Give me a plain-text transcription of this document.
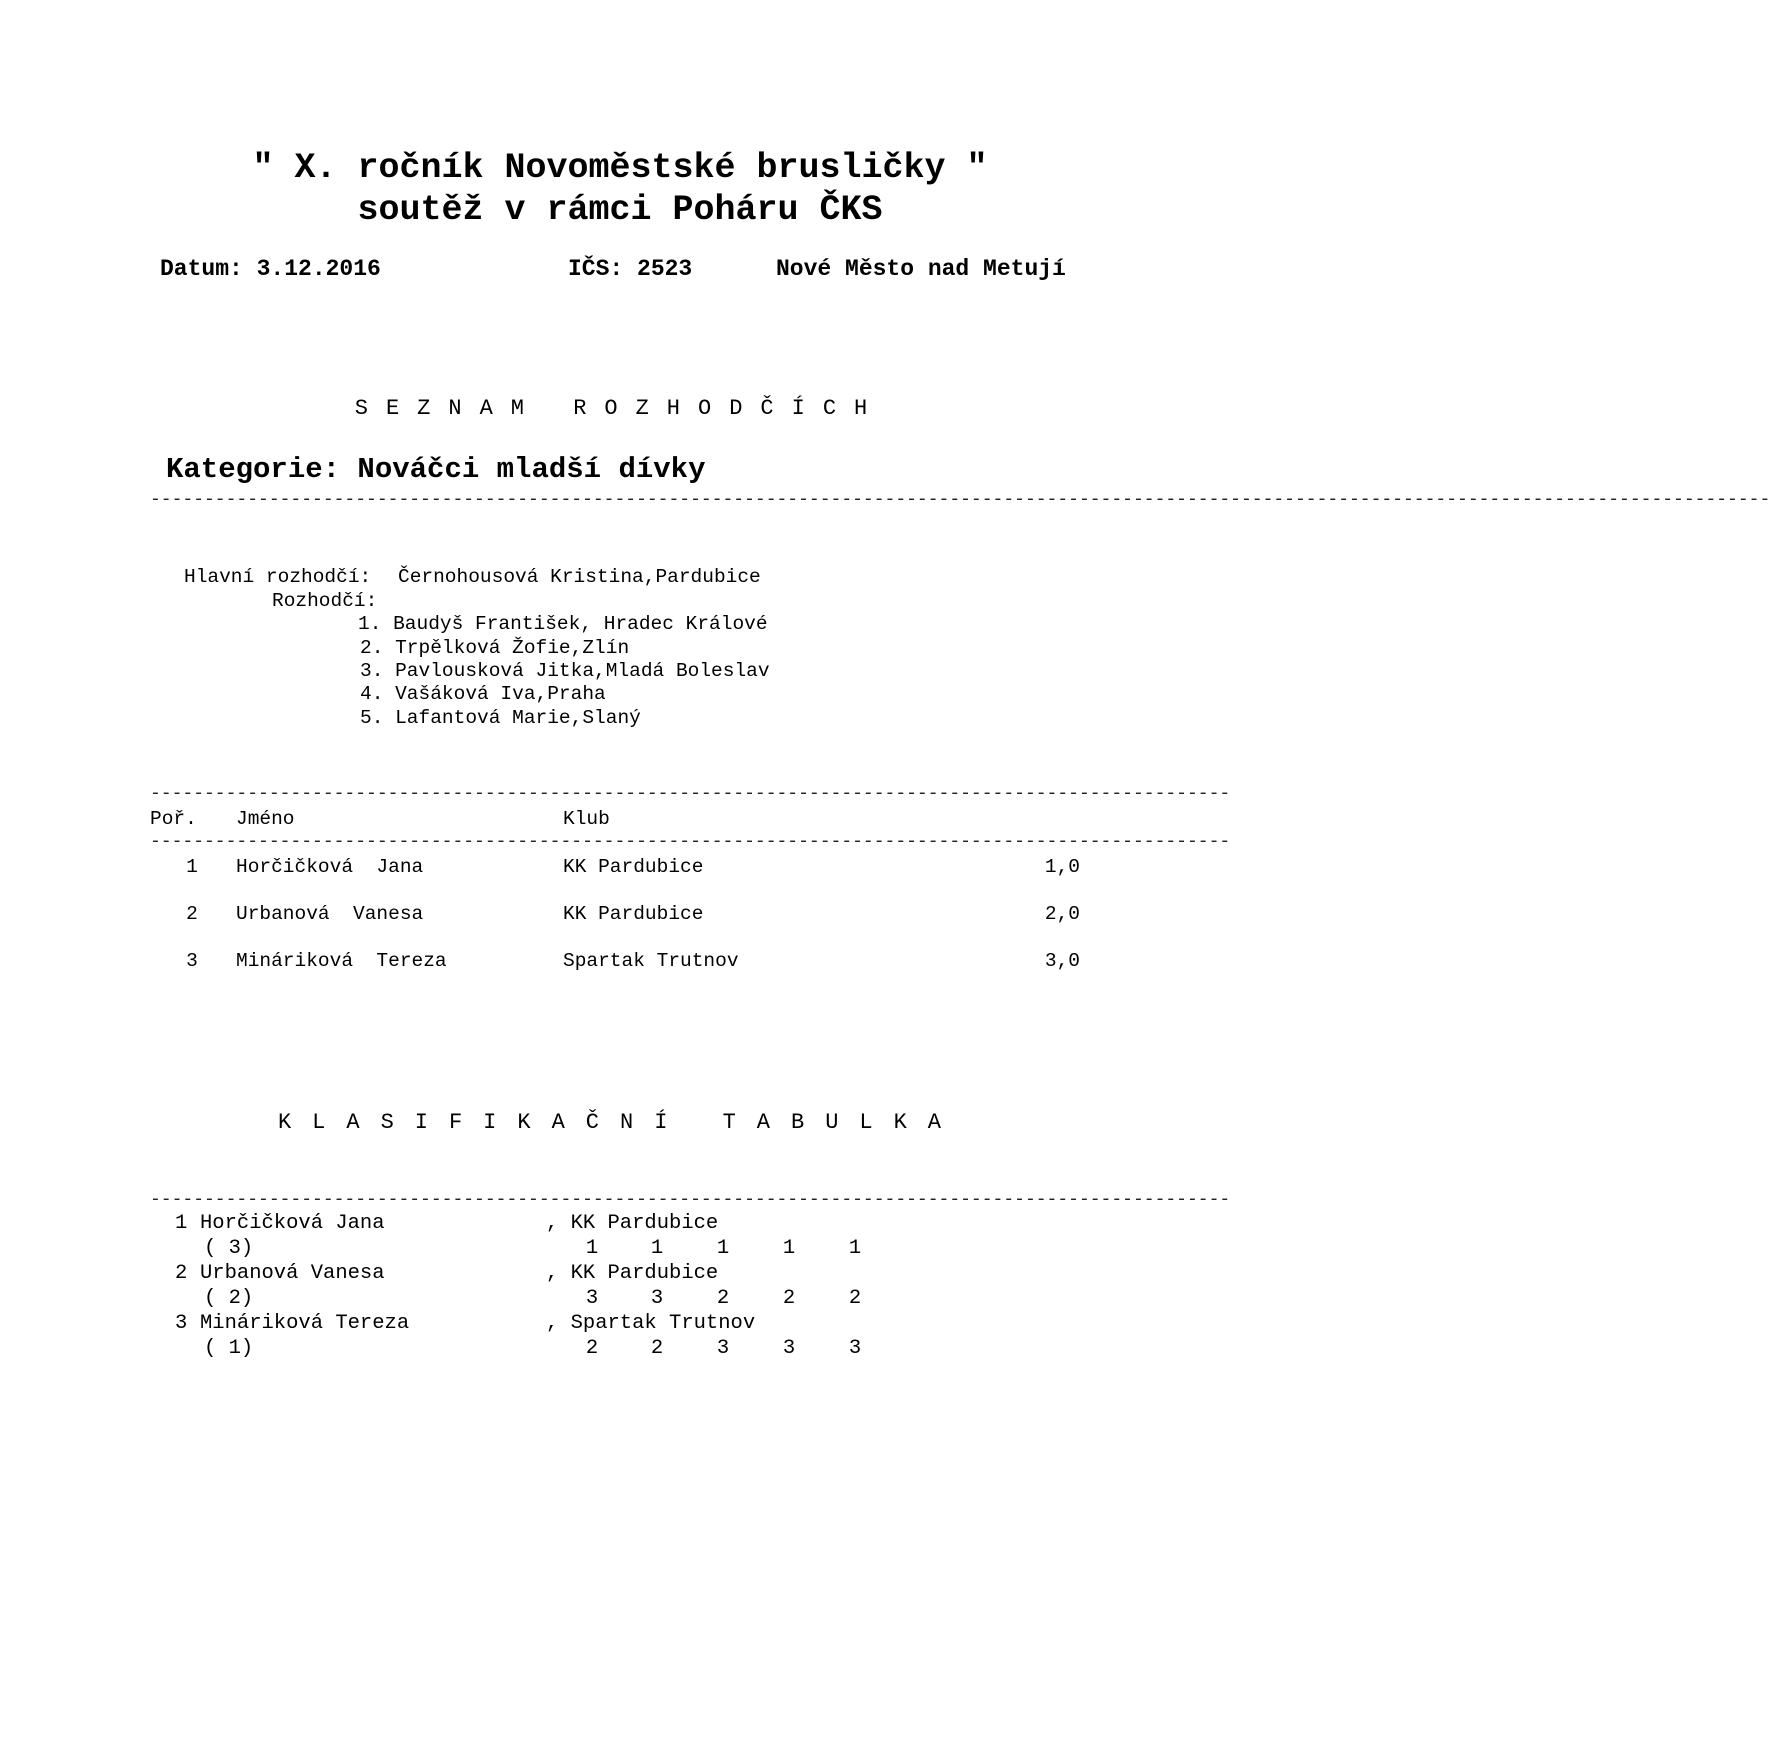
" X. ročník Novoměstské brusličky "
soutěž v rámci Poháru ČKS
Datum: 3.12.2016	IČS: 2523	Nové Město nad Metují
SEZNAM ROZHODČÍCH
Kategorie: Nováčci mladší dívky
------------------------------------------------------------------------------------------------------------------------------------------------------
Hlavní rozhodčí: Černohousová Kristina,Pardubice
Rozhodčí:
1. Baudyš František, Hradec Králové
2. Trpělková Žofie,Zlín
3. Pavlousková Jitka,Mladá Boleslav
4. Vašáková Iva,Praha
5. Lafantová Marie,Slaný
----------------------------------------------------------------------------------------------------
Poř. Jméno	Klub
----------------------------------------------------------------------------------------------------
1	Horčičková  Jana	KK Pardubice	1,0
2	Urbanová  Vanesa	KK Pardubice	2,0
3	Mináriková  Tereza	Spartak Trutnov	3,0
KLASIFIKAČNÍ TABULKA
----------------------------------------------------------------------------------------------------
1 Horčičková Jana	, KK Pardubice
( 3)	1	1	1	1	1
2 Urbanová Vanesa	, KK Pardubice
( 2)	3	3	2	2	2
3 Mináriková Tereza	, Spartak Trutnov
( 1)	2	2	3	3	3
